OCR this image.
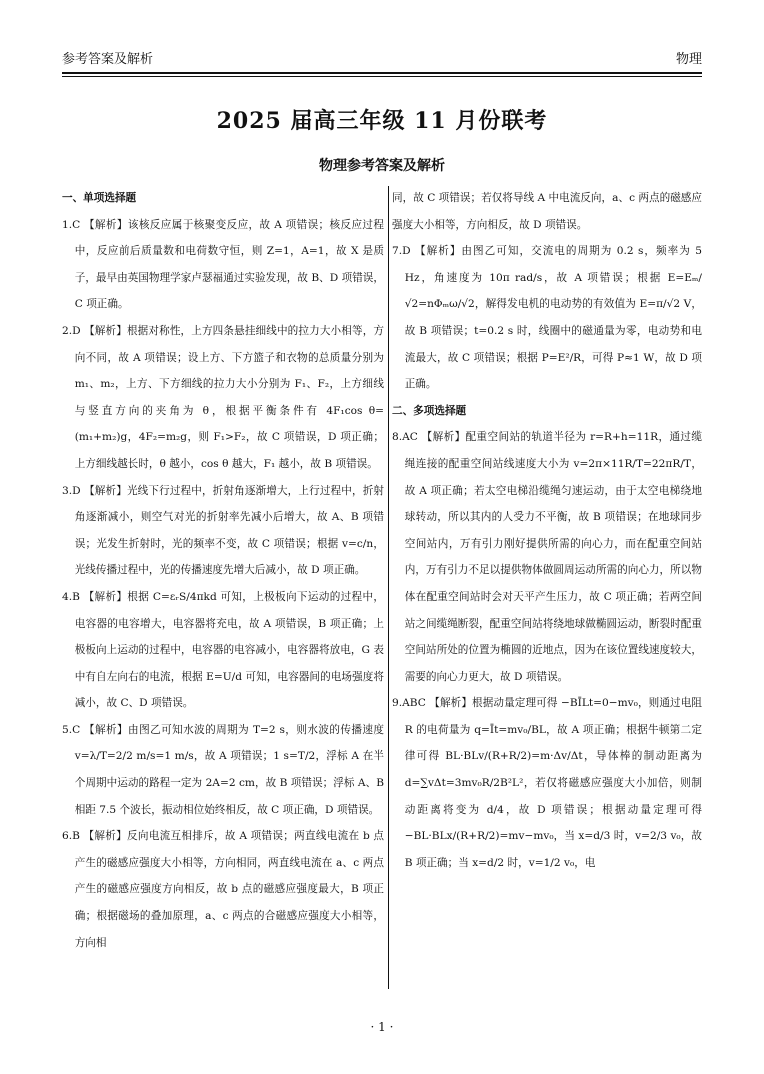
参考答案及解析	物理
2025 届高三年级 11 月份联考
物理参考答案及解析
一、单项选择题
1.C 【解析】该核反应属于核聚变反应，故 A 项错误；核反应过程中，反应前后质量数和电荷数守恒，则 Z=1，A=1，故 X 是质子，最早由英国物理学家卢瑟福通过实验发现，故 B、D 项错误，C 项正确。
2.D 【解析】根据对称性，上方四条悬挂细线中的拉力大小相等，方向不同，故 A 项错误；设上方、下方篮子和衣物的总质量分别为 m₁、m₂，上方、下方细线的拉力大小分别为 F₁、F₂，上方细线与竖直方向的夹角为 θ，根据平衡条件有 4F₁cos θ=(m₁+m₂)g，4F₂=m₂g，则 F₁>F₂，故 C 项错误，D 项正确；上方细线越长时，θ 越小，cos θ 越大，F₁ 越小，故 B 项错误。
3.D 【解析】光线下行过程中，折射角逐渐增大，上行过程中，折射角逐渐减小，则空气对光的折射率先减小后增大，故 A、B 项错误；光发生折射时，光的频率不变，故 C 项错误；根据 v=c/n，光线传播过程中，光的传播速度先增大后减小，故 D 项正确。
4.B 【解析】根据 C=εᵣS/4πkd 可知，上极板向下运动的过程中，电容器的电容增大，电容器将充电，故 A 项错误，B 项正确；上极板向上运动的过程中，电容器的电容减小，电容器将放电，G 表中有自左向右的电流，根据 E=U/d 可知，电容器间的电场强度将减小，故 C、D 项错误。
5.C 【解析】由图乙可知水波的周期为 T=2 s，则水波的传播速度 v=λ/T=2/2 m/s=1 m/s，故 A 项错误；1 s=T/2，浮标 A 在半个周期中运动的路程一定为 2A=2 cm，故 B 项错误；浮标 A、B 相距 7.5 个波长，振动相位始终相反，故 C 项正确，D 项错误。
6.B 【解析】反向电流互相排斥，故 A 项错误；两直线电流在 b 点产生的磁感应强度大小相等，方向相同，两直线电流在 a、c 两点产生的磁感应强度方向相反，故 b 点的磁感应强度最大，B 项正确；根据磁场的叠加原理，a、c 两点的合磁感应强度大小相等，方向相
同，故 C 项错误；若仅将导线 A 中电流反向，a、c 两点的磁感应强度大小相等，方向相反，故 D 项错误。
7.D 【解析】由图乙可知，交流电的周期为 0.2 s，频率为 5 Hz，角速度为 10π rad/s，故 A 项错误；根据 E=Eₘ/√2=nΦₘω/√2，解得发电机的电动势的有效值为 E=π/√2 V，故 B 项错误；t=0.2 s 时，线圈中的磁通量为零，电动势和电流最大，故 C 项错误；根据 P=E²/R，可得 P≈1 W，故 D 项正确。
二、多项选择题
8.AC 【解析】配重空间站的轨道半径为 r=R+h=11R，通过缆绳连接的配重空间站线速度大小为 v=2π×11R/T=22πR/T，故 A 项正确；若太空电梯沿缆绳匀速运动，由于太空电梯绕地球转动，所以其内的人受力不平衡，故 B 项错误；在地球同步空间站内，万有引力刚好提供所需的向心力，而在配重空间站内，万有引力不足以提供物体做圆周运动所需的向心力，所以物体在配重空间站时会对天平产生压力，故 C 项正确；若两空间站之间缆绳断裂，配重空间站将绕地球做椭圆运动，断裂时配重空间站所处的位置为椭圆的近地点，因为在该位置线速度较大，需要的向心力更大，故 D 项错误。
9.ABC 【解析】根据动量定理可得 −BĪLt=0−mv₀，则通过电阻 R 的电荷量为 q=Īt=mv₀/BL，故 A 项正确；根据牛顿第二定律可得 BL·BLv/(R+R/2)=m·Δv/Δt，导体棒的制动距离为 d=∑vΔt=3mv₀R/2B²L²，若仅将磁感应强度大小加倍，则制动距离将变为 d/4，故 D 项错误；根据动量定理可得 −BL·BLx/(R+R/2)=mv−mv₀，当 x=d/3 时，v=2/3 v₀，故 B 项正确；当 x=d/2 时，v=1/2 v₀，电
· 1 ·
